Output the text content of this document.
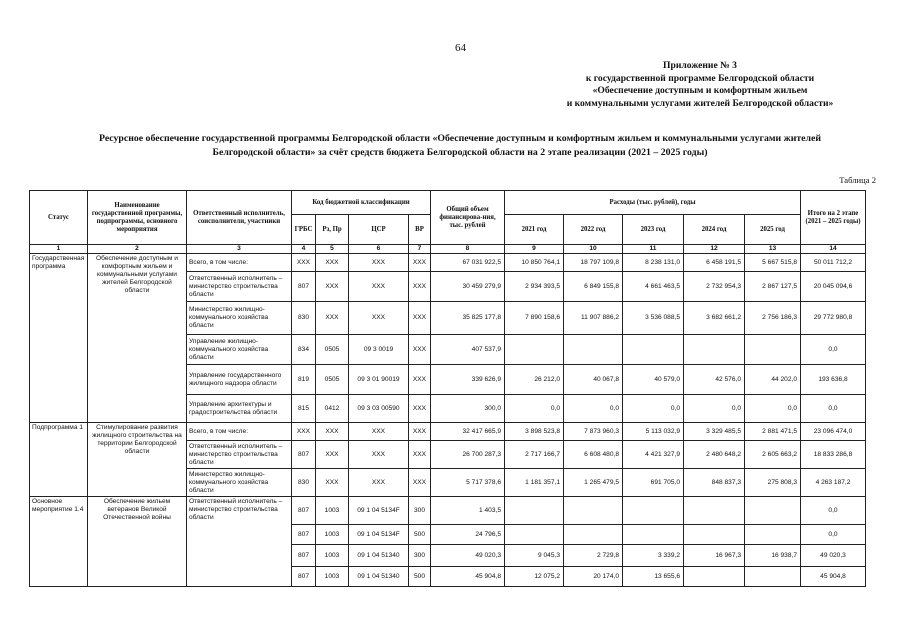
64
Приложение № 3
к государственной программе Белгородской области
«Обеспечение доступным и комфортным жильем
и коммунальными услугами жителей Белгородской области»
Ресурсное обеспечение государственной программы Белгородской области «Обеспечение доступным и комфортным жильем и коммунальными услугами жителей
Белгородской области» за счёт средств бюджета Белгородской области на 2 этапе реализации (2021 – 2025 годы)
Таблица 2
Статус	Наименование государственной программы, подпрограммы, основного мероприятия	Ответственный исполнитель, соисполнители, участники	Код бюджетной классификации				Общий объем финансирова-ния, тыс. рублей	Расходы (тыс. рублей), годы					Итого на 2 этапе (2021 – 2025 годы)
			ГРБС	Рз, Пр	ЦСР	ВР		2021 год	2022 год	2023 год	2024 год	2025 год	
1	2	3	4	5	6	7	8	9	10	11	12	13	14
Государственная программа	Обеспечение доступным и комфортным жильем и коммунальными услугами жителей Белгородской области	Всего, в том числе:	ХХХ	ХХХ	ХХХ	ХХХ	67 031 922,5	10 850 764,1	18 797 109,8	8 238 131,0	6 458 191,5	5 667 515,8	50 011 712,2
		Ответственный исполнитель – министерство строительства области	807	ХХХ	ХХХ	ХХХ	30 459 279,9	2 934 393,5	6 849 155,8	4 661 463,5	2 732 954,3	2 867 127,5	20 045 094,6
		Министерство жилищно-коммунального хозяйства области	830	ХХХ	ХХХ	ХХХ	35 825 177,8	7 890 158,6	11 907 886,2	3 536 088,5	3 682 661,2	2 756 186,3	29 772 980,8
		Управление жилищно-коммунального хозяйства области	834	0505	09 3 0019	ХХХ	407 537,9						0,0
		Управление государственного жилищного надзора области	819	0505	09 3 01 90019	ХХХ	339 626,9	26 212,0	40 067,8	40 579,0	42 576,0	44 202,0	193 636,8
		Управление архитектуры и градостроительства области	815	0412	09 3 03 00590	ХХХ	300,0	0,0	0,0	0,0	0,0	0,0	0,0
Подпрограмма 1	Стимулирование развития жилищного строительства на территории Белгородской области	Всего, в том числе:	ХХХ	ХХХ	ХХХ	ХХХ	32 417 665,9	3 898 523,8	7 873 960,3	5 113 032,9	3 329 485,5	2 881 471,5	23 096 474,0
		Ответственный исполнитель – министерство строительства области	807	ХХХ	ХХХ	ХХХ	26 700 287,3	2 717 166,7	6 608 480,8	4 421 327,9	2 480 648,2	2 605 663,2	18 833 286,8
		Министерство жилищно-коммунального хозяйства области	830	ХХХ	ХХХ	ХХХ	5 717 378,6	1 181 357,1	1 265 479,5	691 705,0	848 837,3	275 808,3	4 263 187,2
Основное мероприятие 1.4	Обеспечение жильем ветеранов Великой Отечественной войны	Ответственный исполнитель – министерство строительства области	807	1003	09 1 04 5134F	300	1 403,5						0,0
			807	1003	09 1 04 5134F	500	24 796,5						0,0
			807	1003	09 1 04 51340	300	49 020,3	9 045,3	2 729,8	3 339,2	16 967,3	16 938,7	49 020,3
			807	1003	09 1 04 51340	500	45 904,8	12 075,2	20 174,0	13 655,6			45 904,8
